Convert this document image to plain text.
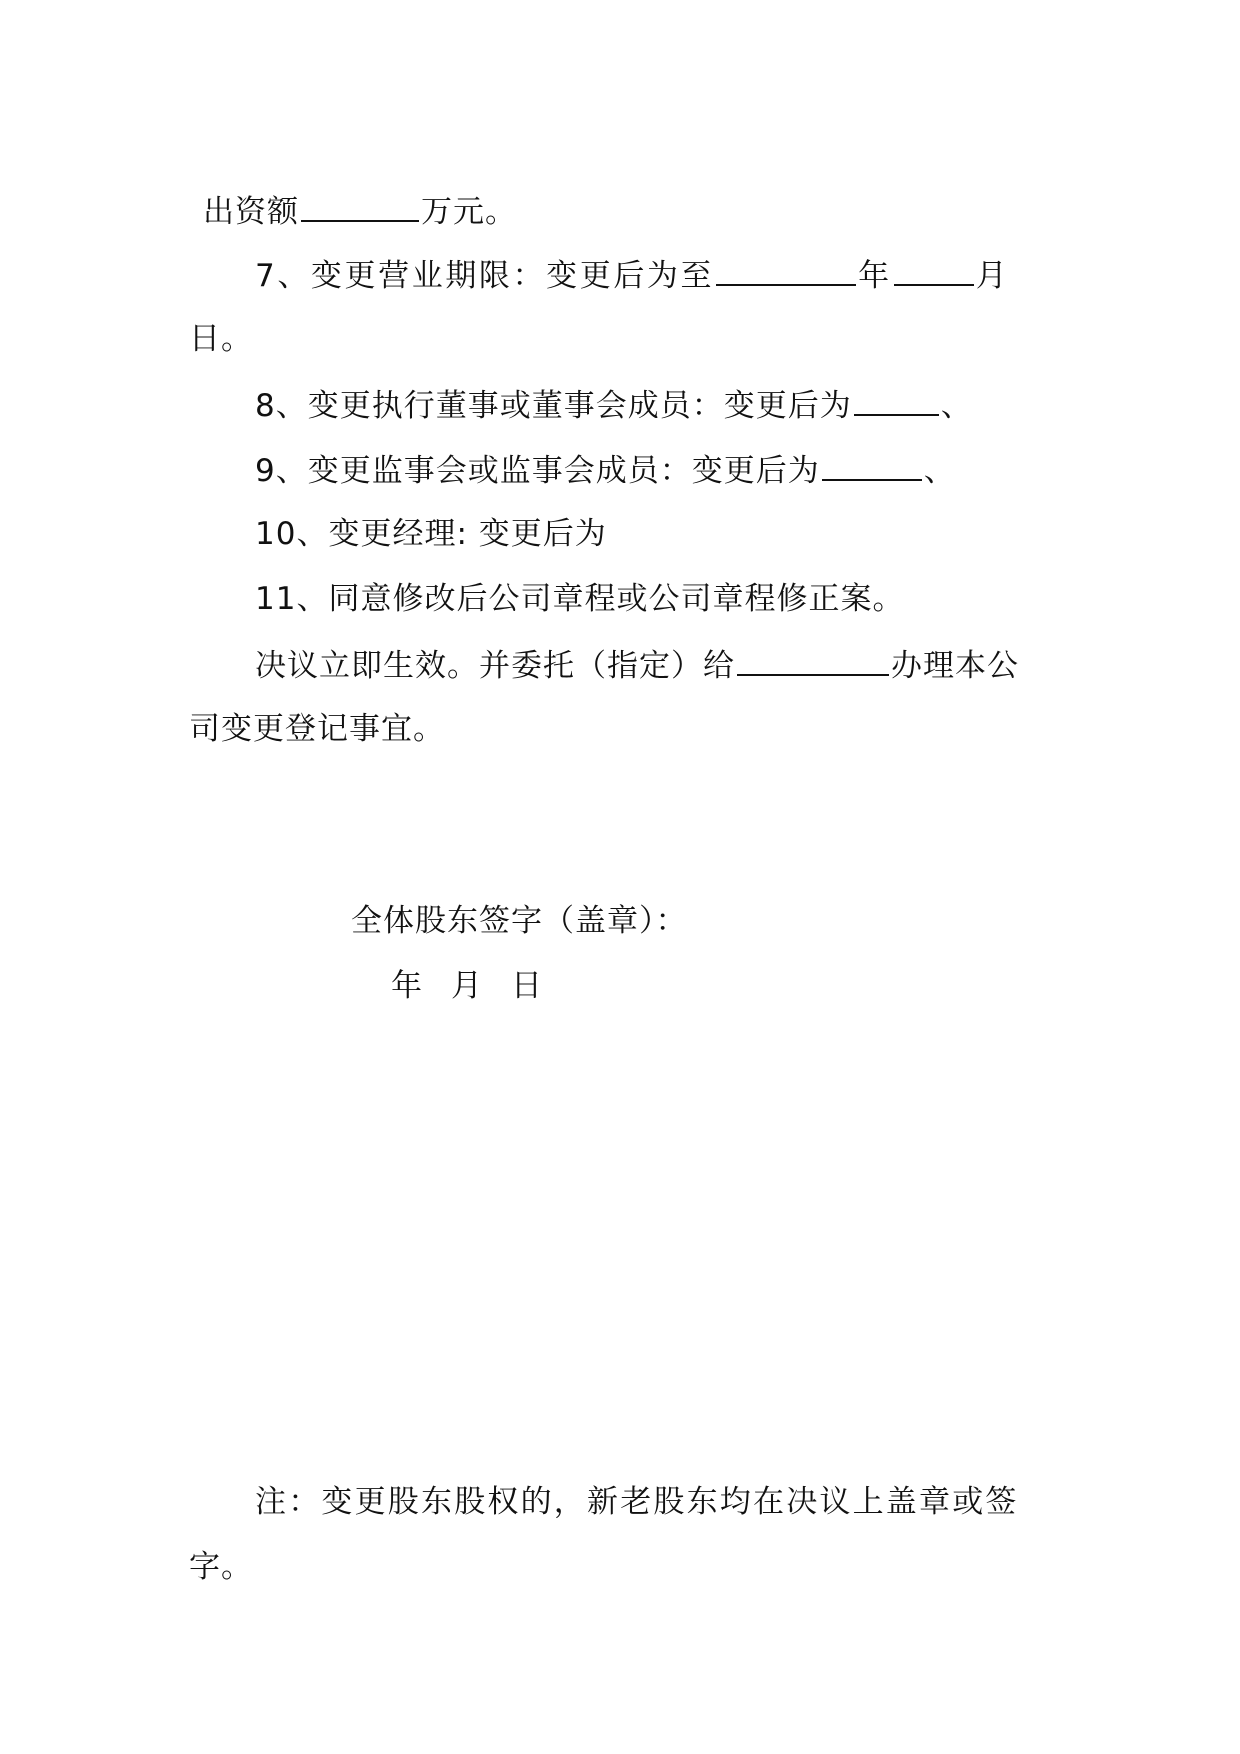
出资额	万元。
7、变更营业期限：变更后为至	年	月
日。
8、变更执行董事或董事会成员：变更后为	、
9、变更监事会或监事会成员：变更后为	、
10、变更经理: 变更后为
11、同意修改后公司章程或公司章程修正案。
决议立即生效。并委托（指定）给	办理本公
司变更登记事宜。
全体股东签字（盖章）：
年 月 日
注：变更股东股权的，新老股东均在决议上盖章或签
字。
